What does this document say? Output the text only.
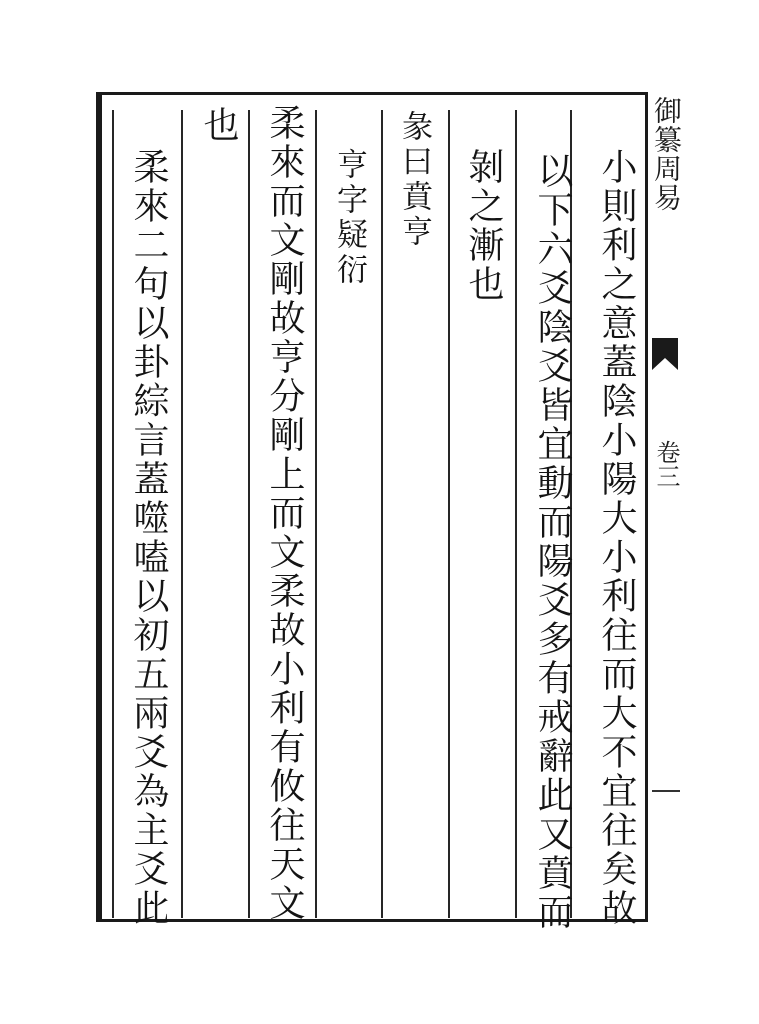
小則利之意蓋陰小陽大小利往而大不宜往矣故
以下六爻陰爻皆宜動而陽爻多有戒辭此又賁而
剝之漸也
彖曰賁亨
亨字疑衍
柔來而文剛故亨分剛上而文柔故小利有攸往天文
也
柔來二句以卦綜言蓋噬嗑以初五兩爻為主爻此	御纂周易
卷三
